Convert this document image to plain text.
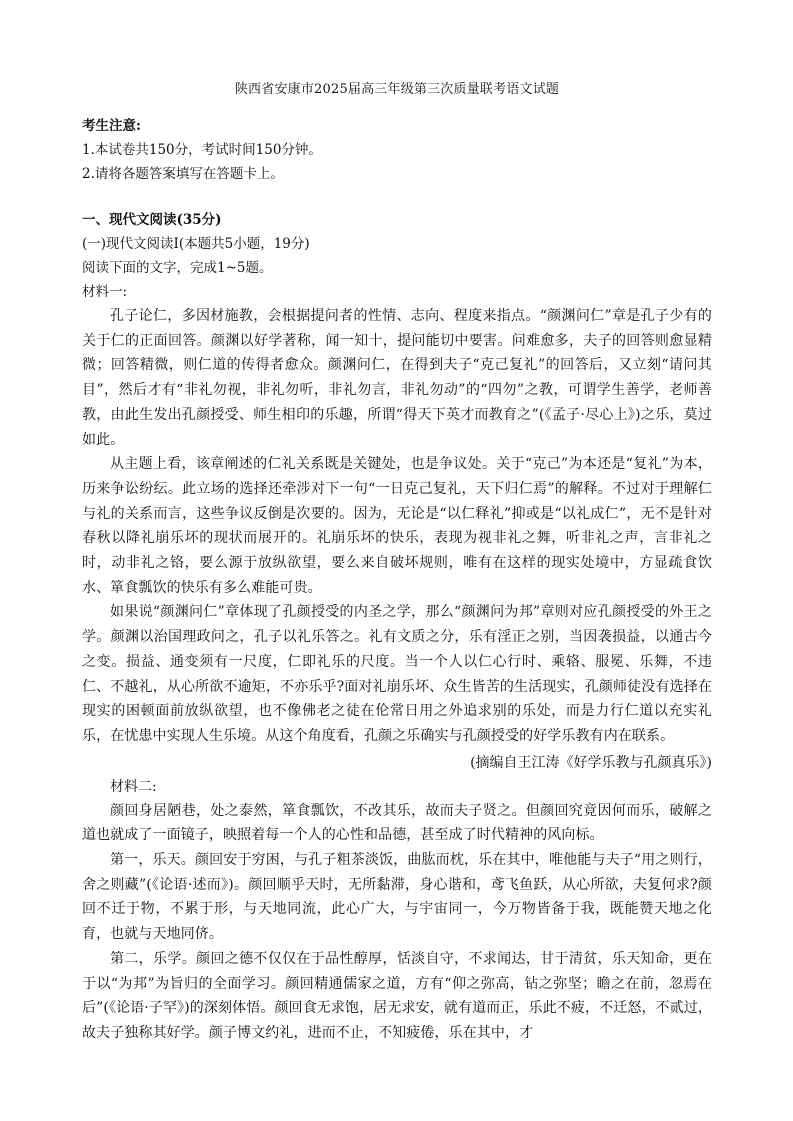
陕西省安康市2025届高三年级第三次质量联考语文试题
考生注意:
1.本试卷共150分，考试时间150分钟。
2.请将各题答案填写在答题卡上。
一、现代文阅读(35分)
(一)现代文阅读Ⅰ(本题共5小题，19分)
阅读下面的文字，完成1~5题。
材料一:

孔子论仁，多因材施教，会根据提问者的性情、志向、程度来指点。“颜渊问仁”章是孔子少有的关于仁的正面回答。颜渊以好学著称，闻一知十，提问能切中要害。问难愈多，夫子的回答则愈显精微；回答精微，则仁道的传得者愈众。颜渊问仁，在得到夫子“克己复礼”的回答后，又立刻“请问其目”，然后才有“非礼勿视，非礼勿听，非礼勿言，非礼勿动”的“四勿”之教，可谓学生善学，老师善教，由此生发出孔颜授受、师生相印的乐趣，所谓“得天下英才而教育之”(《孟子·尽心上》)之乐，莫过如此。

从主题上看，该章阐述的仁礼关系既是关键处，也是争议处。关于“克己”为本还是“复礼”为本，历来争讼纷纭。此立场的选择还牵涉对下一句“一日克己复礼，天下归仁焉”的解释。不过对于理解仁与礼的关系而言，这些争议反倒是次要的。因为，无论是“以仁释礼”抑或是“以礼成仁”，无不是针对春秋以降礼崩乐坏的现状而展开的。礼崩乐坏的快乐，表现为视非礼之舞，听非礼之声，言非礼之时，动非礼之铬，要么源于放纵欲望，要么来自破坏规则，唯有在这样的现实处境中，方显疏食饮水、箪食瓢饮的快乐有多么难能可贵。

如果说“颜渊问仁”章体现了孔颜授受的内圣之学，那么“颜渊问为邦”章则对应孔颜授受的外王之学。颜渊以治国理政问之，孔子以礼乐答之。礼有文质之分，乐有淫正之别，当因袭损益，以通古今之变。损益、通变须有一尺度，仁即礼乐的尺度。当一个人以仁心行时、乘辂、服冕、乐舞，不违仁、不越礼，从心所欲不逾矩，不亦乐乎?面对礼崩乐坏、众生皆苦的生活现实，孔颜师徒没有选择在现实的困顿面前放纵欲望，也不像佛老之徒在伦常日用之外追求别的乐处，而是力行仁道以充实礼乐，在忧患中实现人生乐境。从这个角度看，孔颜之乐确实与孔颜授受的好学乐教有内在联系。

(摘编自王江涛《好学乐教与孔颜真乐》)
材料二:

颜回身居陋巷，处之泰然，箪食瓢饮，不改其乐，故而夫子贤之。但颜回究竟因何而乐，破解之道也就成了一面镜子，映照着每一个人的心性和品德，甚至成了时代精神的风向标。

第一，乐天。颜回安于穷困，与孔子粗茶淡饭，曲肱而枕，乐在其中，唯他能与夫子“用之则行，舍之则藏”(《论语·述而》)。颜回顺乎天时，无所黏滞，身心谐和，鸢飞鱼跃，从心所欲，夫复何求?颜回不迁于物，不累于形，与天地同流，此心广大，与宇宙同一，今万物皆备于我，既能赞天地之化育，也就与天地同侪。

第二，乐学。颜回之德不仅仅在于品性醇厚，恬淡自守，不求闻达，甘于清贫，乐天知命，更在于以“为邦”为旨归的全面学习。颜回精通儒家之道，方有“仰之弥高，钻之弥坚；瞻之在前，忽焉在后”(《论语·子罕》)的深刻体悟。颜回食无求饱，居无求安，就有道而正，乐此不疲，不迁怒，不贰过，故夫子独称其好学。颜子博文约礼，进而不止，不知疲倦，乐在其中，才
